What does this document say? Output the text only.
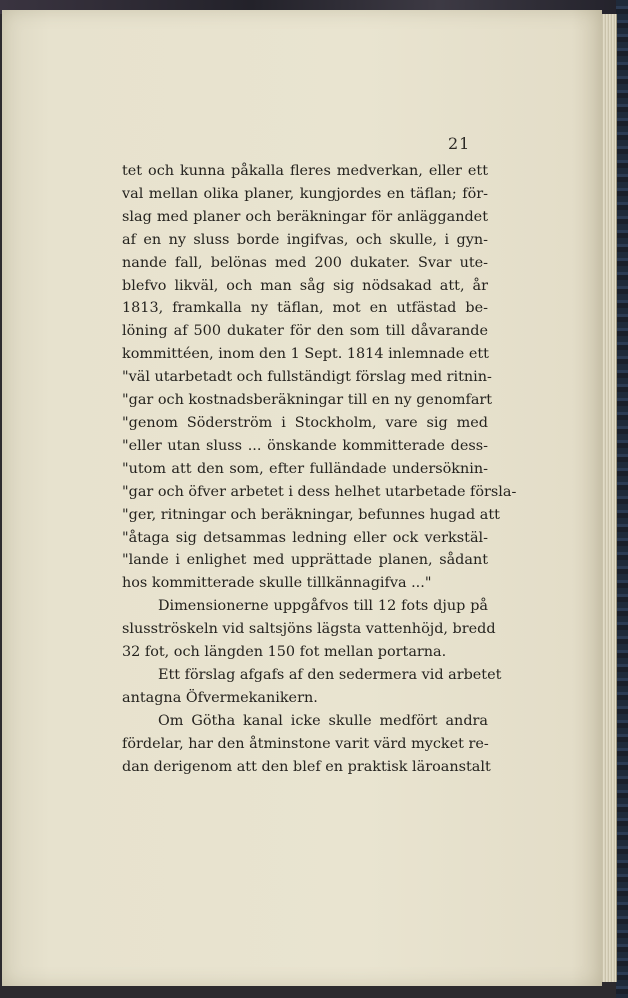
21
tet och kunna påkalla fleres medverkan, eller ett
val mellan olika planer, kungjordes en täflan; för-
slag med planer och beräkningar för anläggandet
af en ny sluss borde ingifvas, och skulle, i gyn-
nande fall, belönas med 200 dukater. Svar ute-
blefvo likväl, och man såg sig nödsakad att, år
1813, framkalla ny täflan, mot en utfästad be-
löning af 500 dukater för den som till dåvarande
kommittéen, inom den 1 Sept. 1814 inlemnade ett
"väl utarbetadt och fullständigt förslag med ritnin-
"gar och kostnadsberäkningar till en ny genomfart
"genom Söderström i Stockholm, vare sig med
"eller utan sluss ... önskande kommitterade dess-
"utom att den som, efter fulländade undersöknin-
"gar och öfver arbetet i dess helhet utarbetade försla-
"ger, ritningar och beräkningar, befunnes hugad att
"åtaga sig detsammas ledning eller ock verkstäl-
"lande i enlighet med upprättade planen, sådant
hos kommitterade skulle tillkännagifva ..."
Dimensionerne uppgåfvos till 12 fots djup på
slusströskeln vid saltsjöns lägsta vattenhöjd, bredd
32 fot, och längden 150 fot mellan portarna.
Ett förslag afgafs af den sedermera vid arbetet
antagna Öfvermekanikern.
Om Götha kanal icke skulle medfört andra
fördelar, har den åtminstone varit värd mycket re-
dan derigenom att den blef en praktisk läroanstalt
